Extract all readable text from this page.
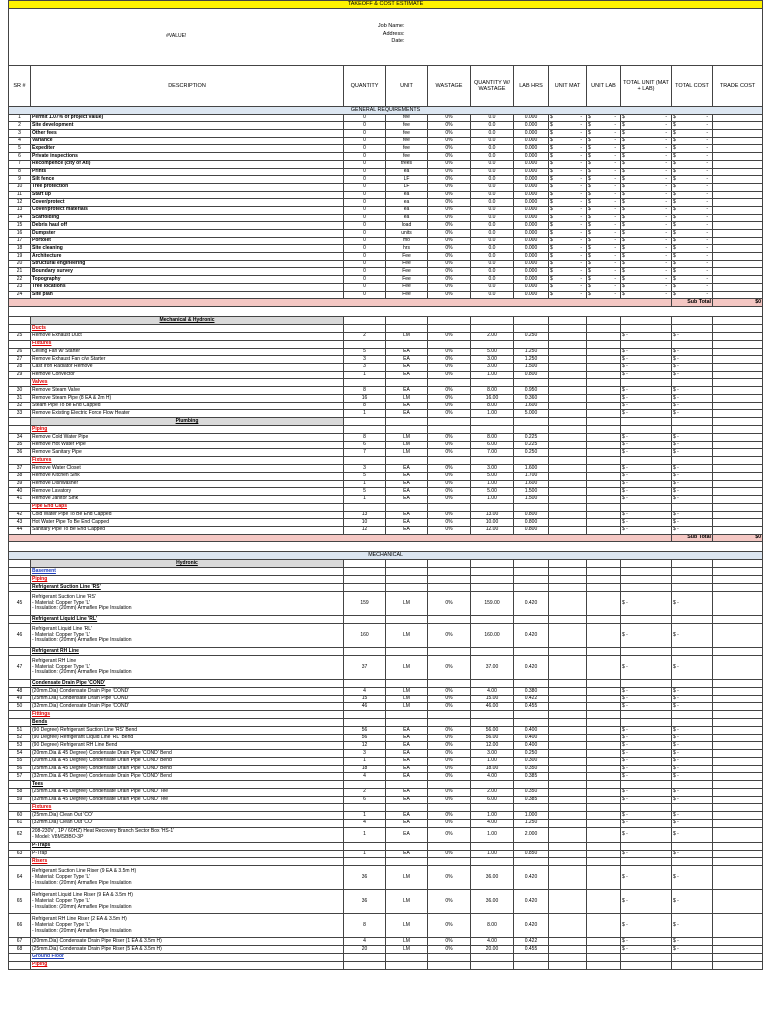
TAKEOFF & COST ESTIMATE											
#VALUE!		Job Name:
Address:
Date:									

SR #	DESCRIPTION	QUANTITY	UNIT	WASTAGE	QUANTITY W/ WASTAGE	LAB HRS	UNIT MAT	UNIT LAB	TOTAL UNIT (MAT + LAB)	TOTAL COST	TRADE COST
GENERAL REQUIREMENTS											
1	Permit 1.07% of project value)	0	fee	0%	0.0	0.000	$ -	$ -	$ -	$ -	

2	Site development	0	fee	0%	0.0	0.000	$ -	$ -	$ -	$ -	

3	Other fees	0	fee	0%	0.0	0.000	$ -	$ -	$ -	$ -	

4	Variance	0	fee	0%	0.0	0.000	$ -	$ -	$ -	$ -	

5	Expediter	0	fee	0%	0.0	0.000	$ -	$ -	$ -	$ -	

6	Private inspections	0	fee	0%	0.0	0.000	$ -	$ -	$ -	$ -	

7	Recompence (city of Atl)	0	trees	0%	0.0	0.000	$ -	$ -	$ -	$ -	

8	Prints	0	ea	0%	0.0	0.000	$ -	$ -	$ -	$ -	

9	Silt fence	0	LF	0%	0.0	0.000	$ -	$ -	$ -	$ -	

10	Tree protection	0	LF	0%	0.0	0.000	$ -	$ -	$ -	$ -	

11	Start up	0	ea	0%	0.0	0.000	$ -	$ -	$ -	$ -	

12	Cover/protect	0	ea	0%	0.0	0.000	$ -	$ -	$ -	$ -	

13	Cover/protect materials	0	ea	0%	0.0	0.000	$ -	$ -	$ -	$ -	

14	Scaffolding	0	ea	0%	0.0	0.000	$ -	$ -	$ -	$ -	

15	Debris haul off	0	load	0%	0.0	0.000	$ -	$ -	$ -	$ -	

16	Dumpster	0	units	0%	0.0	0.000	$ -	$ -	$ -	$ -	

17	Portolet	0	mo	0%	0.0	0.000	$ -	$ -	$ -	$ -	

18	Site cleaning	0	hrs	0%	0.0	0.000	$ -	$ -	$ -	$ -	

19	Architecture	0	Fee	0%	0.0	0.000	$ -	$ -	$ -	$ -	

20	Structural engineering	0	Fee	0%	0.0	0.000	$ -	$ -	$ -	$ -	

21	Boundary survey	0	Fee	0%	0.0	0.000	$ -	$ -	$ -	$ -	

22	Topography	0	Fee	0%	0.0	0.000	$ -	$ -	$ -	$ -	

23	Tree locations	0	Fee	0%	0.0	0.000	$ -	$ -	$ -	$ -	

24	Site plan	0	Fee	0%	0.0	0.000	$ -	$ -	$ -	$ -	

										Sub Total	$0

	Mechanical & Hydronic										
	Ducts										
25	Remove Exhaust Duct	2	LM	0%	2.00	0.250			$ -	$ -	
	Fixtures										
26	Ceiling Fan w/ Starter	5	EA	0%	5.00	1.250			$ -	$ -	
27	Remove Exhaust Fan c/w Starter	3	EA	0%	3.00	1.250			$ -	$ -	
28	Cast Iron Radiator Remove	3	EA	0%	3.00	1.500			$ -	$ -	
29	Remove Convector	1	EA	0%	1.00	0.800			$ -	$ -	
	Valves										
30	Remove Steam Valve	8	EA	0%	8.00	0.950			$ -	$ -	
31	Remove Steam Pipe (8 EA & 2m H)	16	LM	0%	16.00	0.360			$ -	$ -	
32	Steam Pipe To be End Capped	8	EA	0%	8.00	1.600			$ -	$ -	
33	Remove Existing Electric Force Flow Heater	1	EA	0%	1.00	5.000			$ -	$ -	
	Plumbing										
	Piping										
34	Remove Cold Water Pipe	8	LM	0%	8.00	0.225			$ -	$ -	
35	Remove Hot Water Pipe	6	LM	0%	6.00	0.225			$ -	$ -	
36	Remove Sanitary Pipe	7	LM	0%	7.00	0.250			$ -	$ -	
	Fixtures										
37	Remove Water Closet	3	EA	0%	3.00	1.600			$ -	$ -	
38	Remove Kitchen Sink	5	EA	0%	5.00	1.700			$ -	$ -	
39	Remove Dishwasher	1	EA	0%	1.00	1.600			$ -	$ -	
40	Remove Lavatory	5	EA	0%	5.00	1.500			$ -	$ -	
41	Remove Janitor Sink	1	EA	0%	1.00	1.500			$ -	$ -	
	Pipe End Caps										
42	Cold Water Pipe To Be End Capped	13	EA	0%	13.00	0.800			$ -	$ -	
43	Hot Water Pipe To Be End Capped	10	EA	0%	10.00	0.800			$ -	$ -	
44	Sanitary Pipe To Be End Capped	12	EA	0%	12.00	0.800			$ -	$ -	
										Sub Total	$0

MECHANICAL											
	Hydronic										
	Basement										
	Piping										
	Refrigerant Suction Line 'RS'										
45	Refrigerant Suction Line 'RS'
- Material: Copper Type 'L'
- Insulation: (20mm) Armaflex Pipe Insulation	159	LM	0%	159.00	0.420			$ -	$ -	
	Refrigerant Liquid Line 'RL'										
46	Refrigerant Liquid Line 'RL'
- Material: Copper Type 'L'
- Insulation: (20mm) Armaflex Pipe Insulation	160	LM	0%	160.00	0.420			$ -	$ -	
	Refrigerant RH Line										
47	Refrigerant RH Line
- Material: Copper Type 'L'
- Insulation: (20mm) Armaflex Pipe Insulation	37	LM	0%	37.00	0.420			$ -	$ -	
	Condensate Drain Pipe 'COND'										
48	(20mm.Dia) Condensate Drain Pipe 'COND'	4	LM	0%	4.00	0.380			$ -	$ -	
49	(25mm.Dia) Condensate Drain Pipe 'COND'	15	LM	0%	15.00	0.422			$ -	$ -	
50	(32mm.Dia) Condensate Drain Pipe 'COND'	46	LM	0%	46.00	0.455			$ -	$ -	
	Fittings										
	Bends										
51	(90 Degree) Refrigerant Suction Line 'RS' Bend	56	EA	0%	56.00	0.400			$ -	$ -	
52	(90 Degree) Refrigerant Liquid Line 'RL' Bend	56	EA	0%	56.00	0.400			$ -	$ -	
53	(90 Degree) Refrigerant RH Line Bend	12	EA	0%	12.00	0.400			$ -	$ -	
54	(20mm.Dia & 45 Degree) Condensate Drain Pipe 'COND' Bend	3	EA	0%	3.00	0.250			$ -	$ -	
55	(20mm.Dia & 45 Degree) Condensate Drain Pipe 'COND' Bend	1	EA	0%	1.00	0.300			$ -	$ -	
56	(25mm.Dia & 45 Degree) Condensate Drain Pipe 'COND' Bend	18	EA	0%	18.00	0.350			$ -	$ -	
57	(32mm.Dia & 45 Degree) Condensate Drain Pipe 'COND' Bend	4	EA	0%	4.00	0.385			$ -	$ -	
	Tees										
58	(25mm.Dia & 45 Degree) Condensate Drain Pipe 'COND' Tee	2	EA	0%	2.00	0.350			$ -	$ -	
59	(32mm.Dia & 45 Degree) Condensate Drain Pipe 'COND' Tee	6	EA	0%	6.00	0.385			$ -	$ -	
	Fixtures										
60	(25mm.Dia) Clean Out 'CO'	1	EA	0%	1.00	1.000			$ -	$ -	
61	(32mm.Dia) Clean Out 'CO'	4	EA	0%	4.00	1.250			$ -	$ -	
62	208-230V , 1P / 60HZ) Heat Recovery Branch Sector Box 'HS-1'
- Model: V8MSBBO-3P	1	EA	0%	1.00	2.000			$ -	$ -	
	P-Traps										
63	P-Trap	1	EA	0%	1.00	0.850			$ -	$ -	
	Risers										
64	Refrigerant Suction Line Riser (9 EA & 3.5m H)
- Material: Copper Type 'L'
- Insulation: (20mm) Armaflex Pipe Insulation	36	LM	0%	36.00	0.420			$ -	$ -	
65	Refrigerant Liquid Line Riser (9 EA & 3.5m H)
- Material: Copper Type 'L'
- Insulation: (20mm) Armaflex Pipe Insulation	36	LM	0%	36.00	0.420			$ -	$ -	
66	Refrigerant RH Line Riser (2 EA & 3.5m H)
- Material: Copper Type 'L'
- Insulation: (20mm) Armaflex Pipe Insulation	8	LM	0%	8.00	0.420			$ -	$ -	
67	(20mm.Dia) Condensate Drain Pipe Riser (1 EA & 3.5m H)	4	LM	0%	4.00	0.422			$ -	$ -	
68	(25mm.Dia) Condensate Drain Pipe Riser (5 EA & 3.5m H)	20	LM	0%	20.00	0.455			$ -	$ -	
	Ground Floor										
	Piping										
